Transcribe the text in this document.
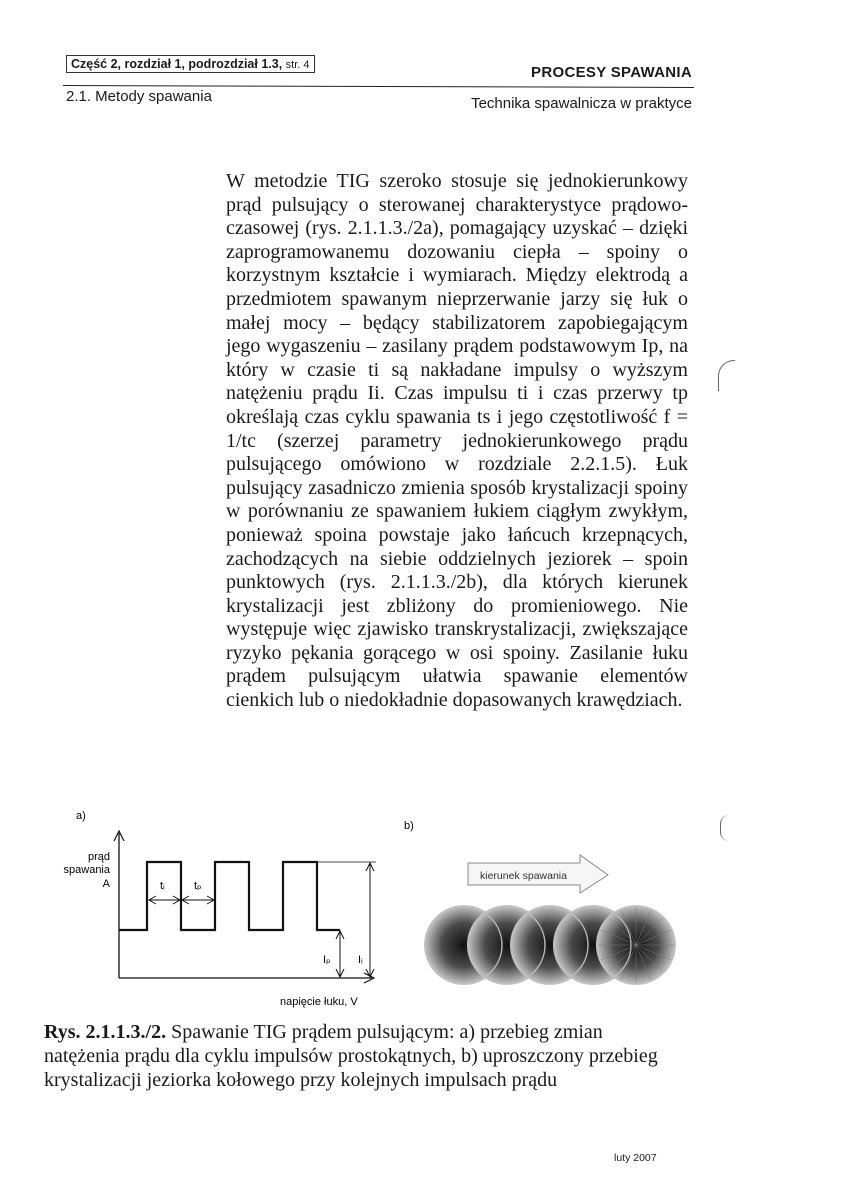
Część 2, rozdział 1, podrozdział 1.3, str. 4	PROCESY SPAWANIA
2.1. Metody spawania	Technika spawalnicza w praktyce
W metodzie TIG szeroko stosuje się jednokierunkowy prąd pulsujący o sterowanej charakterystyce prądowo-czasowej (rys. 2.1.1.3./2a), pomagający uzyskać – dzięki zaprogramowanemu dozowaniu ciepła – spoiny o korzystnym kształcie i wymiarach. Między elektrodą a przedmiotem spawanym nieprzerwanie jarzy się łuk o małej mocy – będący stabilizatorem zapobiegającym jego wygaszeniu – zasilany prądem podstawowym Ip, na który w czasie ti są nakładane impulsy o wyższym natężeniu prądu Ii. Czas impulsu ti i czas przerwy tp określają czas cyklu spawania ts i jego częstotliwość f = 1/tc (szerzej parametry jednokierunkowego prądu pulsującego omówiono w rozdziale 2.2.1.5). Łuk pulsujący zasadniczo zmienia sposób krystalizacji spoiny w porównaniu ze spawaniem łukiem ciągłym zwykłym, ponieważ spoina powstaje jako łańcuch krzepnących, zachodzących na siebie oddzielnych jeziorek – spoin punktowych (rys. 2.1.1.3./2b), dla których kierunek krystalizacji jest zbliżony do promieniowego. Nie występuje więc zjawisko transkrystalizacji, zwiększające ryzyko pękania gorącego w osi spoiny. Zasilanie łuku prądem pulsującym ułatwia spawanie elementów cienkich lub o niedokładnie dopasowanych krawędziach.
a)
b)
prąd
spawania
A
napięcie łuku, V
tᵢ	tₚ
Iᵢ
Iₚ
kierunek spawania
Rys. 2.1.1.3./2. Spawanie TIG prądem pulsującym: a) przebieg zmian natężenia prądu dla cyklu impulsów prostokątnych, b) uproszczony przebieg krystalizacji jeziorka kołowego przy kolejnych impulsach prądu
luty 2007
